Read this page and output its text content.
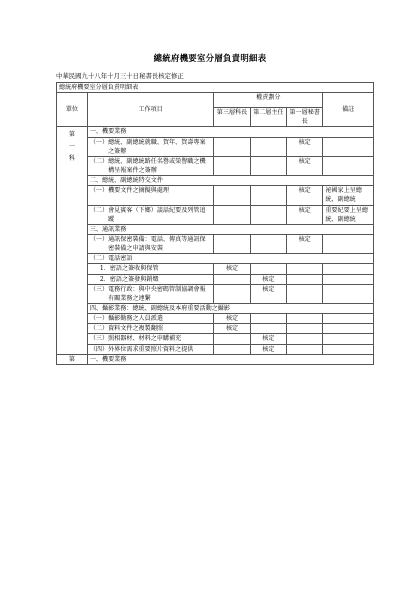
總統府機要室分層負責明細表
中華民國九十八年十月三十日秘書長核定修正
總統府機要室分層負責明細表					
單位	工作項目	權責劃分			備註
		第三層科長	第二層主任	第一層秘書長	

第
一
科	一、機要業務				

	（一） 總統、副總統就職、賀年、賀壽專案之簽辦			核定	

	（二） 總統、副總統路任名譽或榮譽職之機構呈報案件之簽辦			核定	
	二、總統、副總統特交文件				

	（一） 機要文件之摘擬與處理			核定	祕國家上呈總統、副總統

	（二） 會見賓客（下鄉）談話紀要及列管追蹤			核定	重要紀要上呈總統、副總統
	三、通訊業務				

	（一） 通訊保密裝備：電話、傳真等通訊保密裝備之申請與安裝			核定	
	（二）電話密語				

	1． 密語之簽收與保管	核定			

	2． 密語之簽發與銷燬		核定		

	（三） 電務行政：與中央密碼管制協調會報有關業務之連繫		核定		
	四、攝影業務：總統、副總統及本府重要活動之攝影				

	（一） 攝影勤務之人員派遣	核定			

	（二） 資料文件之複製翻照	核定			

	（三） 照相器材、材料之申購補充		核定		

	（四） 外界位需求重要照片資料之提供		核定		
第	一、機要業務				
